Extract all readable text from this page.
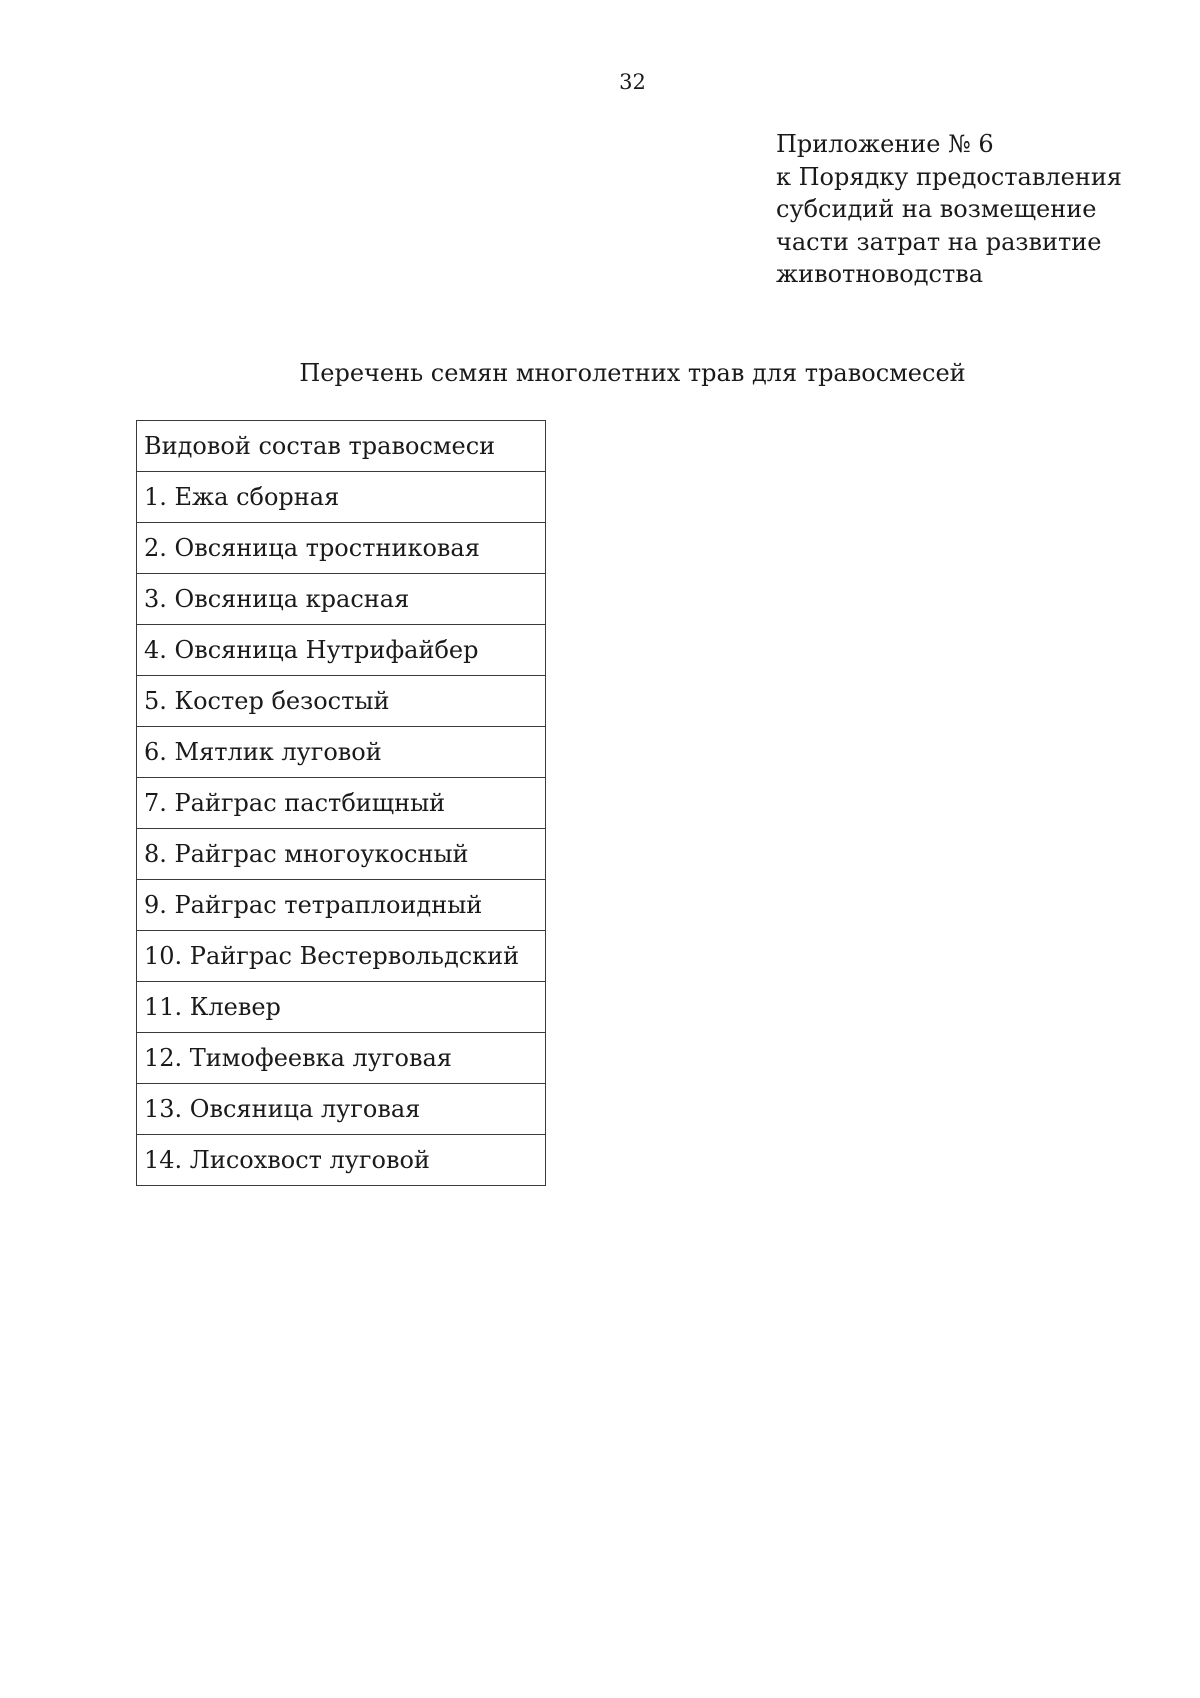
32
Приложение № 6
к Порядку предоставления
субсидий на возмещение
части затрат на развитие
животноводства
Перечень семян многолетних трав для травосмесей
Видовой состав травосмеси
1. Ежа сборная
2. Овсяница тростниковая
3. Овсяница красная
4. Овсяница Нутрифайбер
5. Костер безостый
6. Мятлик луговой
7. Райграс пастбищный
8. Райграс многоукосный
9. Райграс тетраплоидный
10. Райграс Вестервольдский
11. Клевер
12. Тимофеевка луговая
13. Овсяница луговая
14. Лисохвост луговой
